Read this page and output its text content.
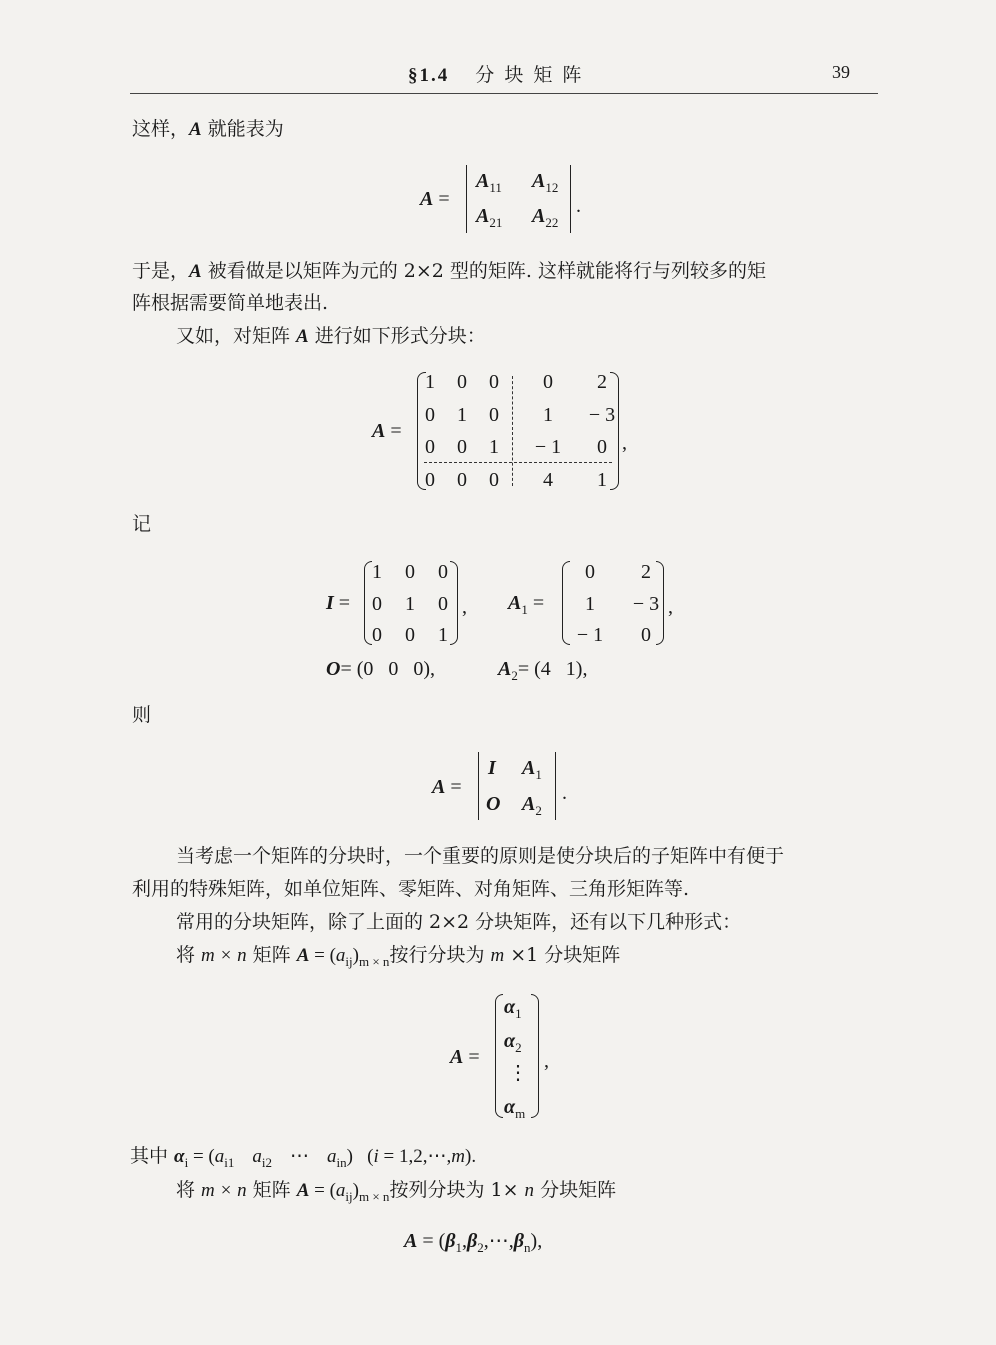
§1.4 分 块 矩 阵	39
这样，A 就能表为
A =
$A_{11}$ $A_{12}$
$A_{21}$ $A_{22}$
.
于是，A 被看做是以矩阵为元的 2×2 型的矩阵. 这样就能将行与列较多的矩
阵根据需要简单地表出.
又如，对矩阵 A 进行如下形式分块：
A =
1	0	0	0	2
0	1	0	1	− 3
0	0	1	− 1	0
0	0	0	4	1
,
记
I =
1	0	0
0	1	0
0	0	1
, $A_1$ =
0	2
1	− 3
− 1	0
,
O= (0   0   0),	$A_2= (4$   1),
则
A =
I $A_1$
O $A_2$
.
当考虑一个矩阵的分块时，一个重要的原则是使分块后的子矩阵中有便于
利用的特殊矩阵，如单位矩阵、零矩阵、对角矩阵、三角形矩阵等.
常用的分块矩阵，除了上面的 2×2 分块矩阵，还有以下几种形式：
将 m × n 矩阵 $A = (a_{ij})_{m \times n}$按行分块为 m ×1 分块矩阵
A =
$\alpha_1$
$\alpha_2$
⋮
$\alpha_m$
,
其中 $\alpha_i = (a_{i1}$ $a_{i2}$ ⋯ $a_{in}$)   (i = 1,2,⋯,m).
将 m × n 矩阵 $A = (a_{ij})_{m \times n}$按列分块为 1× n 分块矩阵
$A = (\beta_1,\beta_2,\cdots,\beta_n)$,
